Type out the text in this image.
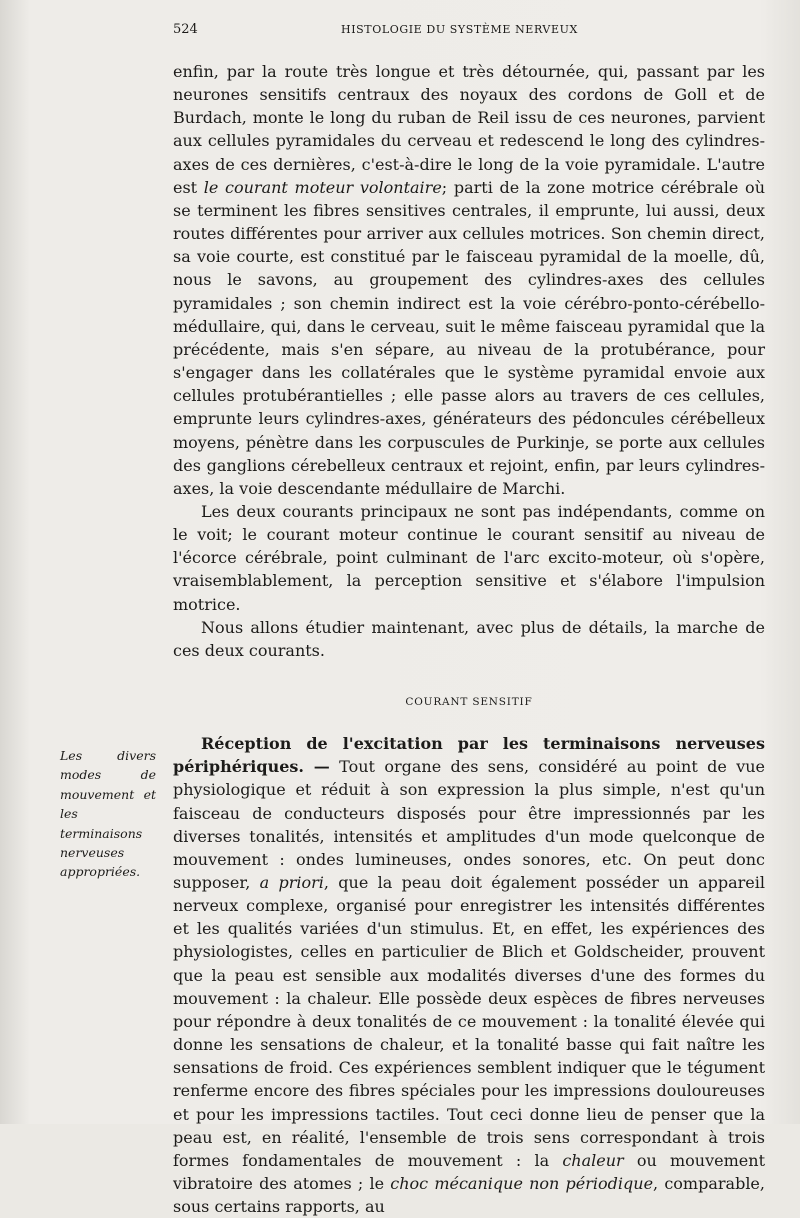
524	HISTOLOGIE DU SYSTÈME NERVEUX

enfin, par la route très longue et très détournée, qui, passant par les neurones sensitifs centraux des noyaux des cordons de Goll et de Burdach, monte le long du ruban de Reil issu de ces neurones, parvient aux cellules pyramidales du cerveau et redescend le long des cylindres-axes de ces dernières, c'est-à-dire le long de la voie pyramidale. L'autre est le courant moteur volontaire; parti de la zone motrice cérébrale où se terminent les fibres sensitives centrales, il emprunte, lui aussi, deux routes différentes pour arriver aux cellules motrices. Son chemin direct, sa voie courte, est constitué par le faisceau pyramidal de la moelle, dû, nous le savons, au groupement des cylindres-axes des cellules pyramidales ; son chemin indirect est la voie cérébro-ponto-cérébello-médullaire, qui, dans le cerveau, suit le même faisceau pyramidal que la précédente, mais s'en sépare, au niveau de la protubérance, pour s'engager dans les collatérales que le système pyramidal envoie aux cellules protubérantielles ; elle passe alors au travers de ces cellules, emprunte leurs cylindres-axes, générateurs des pédoncules cérébelleux moyens, pénètre dans les corpuscules de Purkinje, se porte aux cellules des ganglions cérebelleux centraux et rejoint, enfin, par leurs cylindres-axes, la voie descendante médullaire de Marchi.

Les deux courants principaux ne sont pas indépendants, comme on le voit; le courant moteur continue le courant sensitif au niveau de l'écorce cérébrale, point culminant de l'arc excito-moteur, où s'opère, vraisemblablement, la perception sensitive et s'élabore l'impulsion motrice.

Nous allons étudier maintenant, avec plus de détails, la marche de ces deux courants.

COURANT SENSITIF

Réception de l'excitation par les terminaisons nerveuses périphériques. — Tout organe des sens, considéré au point de vue physiologique et réduit à son expression la plus simple, n'est qu'un faisceau de conducteurs disposés pour être impressionnés par les diverses tonalités, intensités et amplitudes d'un mode quelconque de mouvement : ondes lumineuses, ondes sonores, etc. On peut donc supposer, a priori, que la peau doit également posséder un appareil nerveux complexe, organisé pour enregistrer les intensités différentes et les qualités variées d'un stimulus. Et, en effet, les expériences des physiologistes, celles en particulier de Blich et Goldscheider, prouvent que la peau est sensible aux modalités diverses d'une des formes du mouvement : la chaleur. Elle possède deux espèces de fibres nerveuses pour répondre à deux tonalités de ce mouvement : la tonalité élevée qui donne les sensations de chaleur, et la tonalité basse qui fait naître les sensations de froid. Ces expériences semblent indiquer que le tégument renferme encore des fibres spéciales pour les impressions douloureuses et pour les impressions tactiles. Tout ceci donne lieu de penser que la peau est, en réalité, l'ensemble de trois sens correspondant à trois formes fondamentales de mouvement : la chaleur ou mouvement vibratoire des atomes ; le choc mécanique non périodique, comparable, sous certains rapports, au

Les divers modes de mouvement et les terminaisons nerveuses appropriées.
